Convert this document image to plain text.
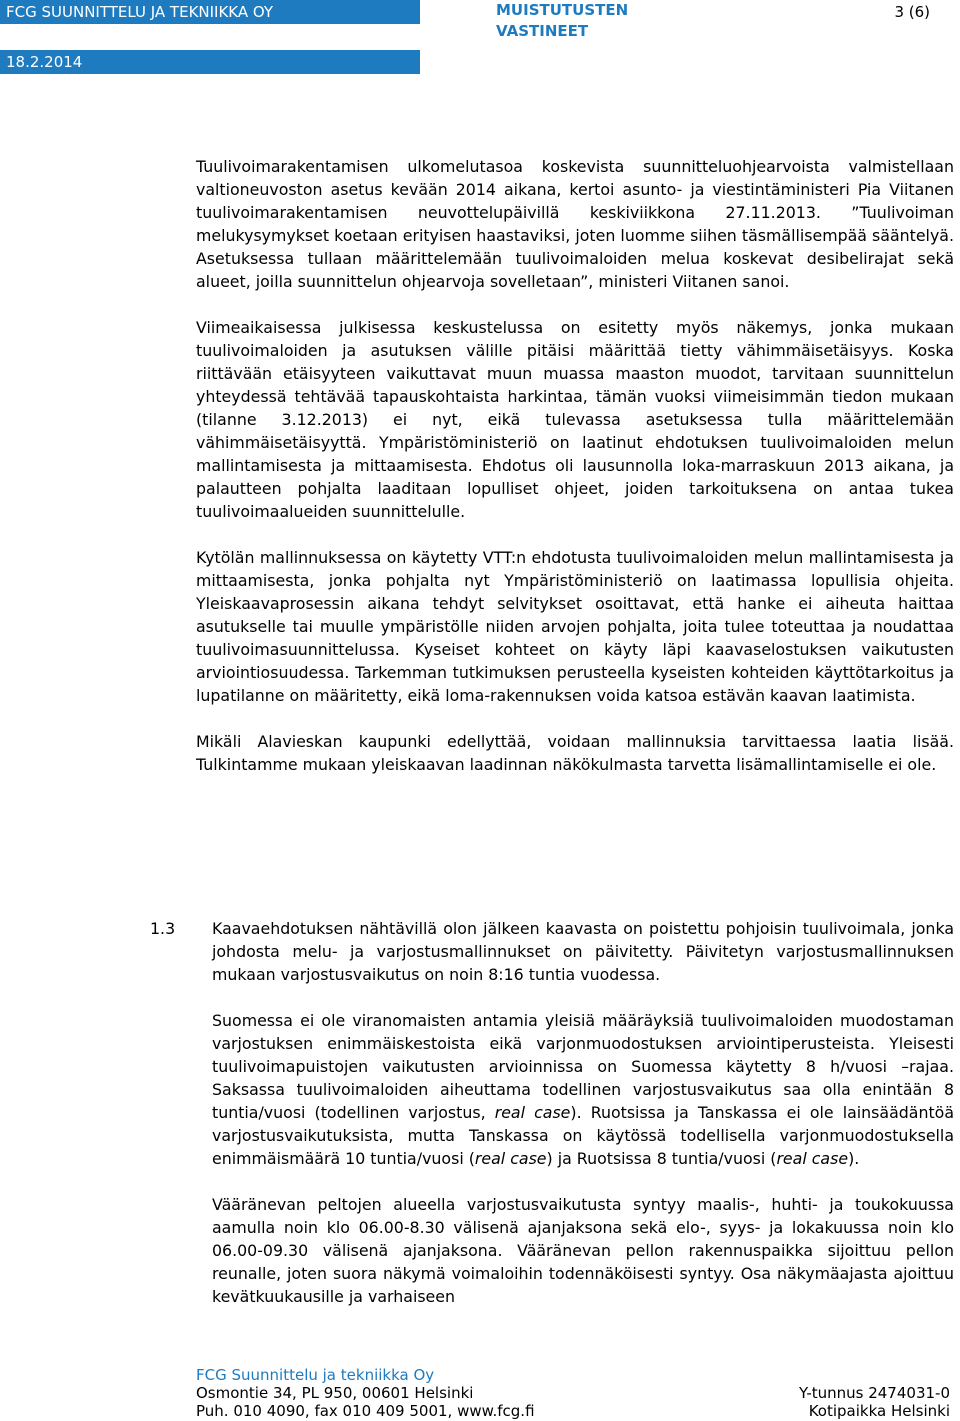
FCG SUUNNITTELU JA TEKNIIKKA OY
18.2.2014
MUISTUTUSTEN VASTINEET
3 (6)

Tuulivoimarakentamisen ulkomelutasoa koskevista suunnitteluohjearvoista valmistellaan valtioneuvoston asetus kevään 2014 aikana, kertoi asunto- ja viestintäministeri Pia Viitanen tuulivoimarakentamisen neuvottelupäivillä keskiviikkona 27.11.2013. ”Tuulivoiman melukysymykset koetaan erityisen haastaviksi, joten luomme siihen täsmällisempää sääntelyä. Asetuksessa tullaan määrittelemään tuulivoimaloiden melua koskevat desibelirajat sekä alueet, joilla suunnittelun ohjearvoja sovelletaan”, ministeri Viitanen sanoi.

Viimeaikaisessa julkisessa keskustelussa on esitetty myös näkemys, jonka mukaan tuulivoimaloiden ja asutuksen välille pitäisi määrittää tietty vähimmäisetäisyys. Koska riittävään etäisyyteen vaikuttavat muun muassa maaston muodot, tarvitaan suunnittelun yhteydessä tehtävää tapauskohtaista harkintaa, tämän vuoksi viimeisimmän tiedon mukaan (tilanne 3.12.2013) ei nyt, eikä tulevassa asetuksessa tulla määrittelemään vähimmäisetäisyyttä. Ympäristöministeriö on laatinut ehdotuksen tuulivoimaloiden melun mallintamisesta ja mittaamisesta. Ehdotus oli lausunnolla loka-marraskuun 2013 aikana, ja palautteen pohjalta laaditaan lopulliset ohjeet, joiden tarkoituksena on antaa tukea tuulivoimaalueiden suunnittelulle.

Kytölän mallinnuksessa on käytetty VTT:n ehdotusta tuulivoimaloiden melun mallintamisesta ja mittaamisesta, jonka pohjalta nyt Ympäristöministeriö on laatimassa lopullisia ohjeita. Yleiskaavaprosessin aikana tehdyt selvitykset osoittavat, että hanke ei aiheuta haittaa asutukselle tai muulle ympäristölle niiden arvojen pohjalta, joita tulee toteuttaa ja noudattaa tuulivoimasuunnittelussa. Kyseiset kohteet on käyty läpi kaavaselostuksen vaikutusten arviointiosuudessa. Tarkemman tutkimuksen perusteella kyseisten kohteiden käyttötarkoitus ja lupatilanne on määritetty, eikä loma-rakennuksen voida katsoa estävän kaavan laatimista.

Mikäli Alavieskan kaupunki edellyttää, voidaan mallinnuksia tarvittaessa laatia lisää. Tulkintamme mukaan yleiskaavan laadinnan näkökulmasta tarvetta lisämallintamiselle ei ole.

1.3	Kaavaehdotuksen nähtävillä olon jälkeen kaavasta on poistettu pohjoisin tuulivoimala, jonka johdosta melu- ja varjostusmallinnukset on päivitetty. Päivitetyn varjostusmallinnuksen mukaan varjostusvaikutus on noin 8:16 tuntia vuodessa.

Suomessa ei ole viranomaisten antamia yleisiä määräyksiä tuulivoimaloiden muodostaman varjostuksen enimmäiskestoista eikä varjonmuodostuksen arviointiperusteista. Yleisesti tuulivoimapuistojen vaikutusten arvioinnissa on Suomessa käytetty 8 h/vuosi –rajaa. Saksassa tuulivoimaloiden aiheuttama todellinen varjostusvaikutus saa olla enintään 8 tuntia/vuosi (todellinen varjostus, real case). Ruotsissa ja Tanskassa ei ole lainsäädäntöä varjostusvaikutuksista, mutta Tanskassa on käytössä todellisella varjonmuodostuksella enimmäismäärä 10 tuntia/vuosi (real case) ja Ruotsissa 8 tuntia/vuosi (real case).

Vääränevan peltojen alueella varjostusvaikutusta syntyy maalis-, huhti- ja toukokuussa aamulla noin klo 06.00-8.30 välisenä ajanjaksona sekä elo-, syys- ja lokakuussa noin klo 06.00-09.30 välisenä ajanjaksona. Vääränevan pellon rakennuspaikka sijoittuu pellon reunalle, joten suora näkymä voimaloihin todennäköisesti syntyy. Osa näkymäajasta ajoittuu kevätkuukausille ja varhaiseen

FCG Suunnittelu ja tekniikka Oy
Osmontie 34, PL 950, 00601 Helsinki	Y-tunnus 2474031-0
Puh. 010 4090, fax 010 409 5001, www.fcg.fi	Kotipaikka Helsinki
